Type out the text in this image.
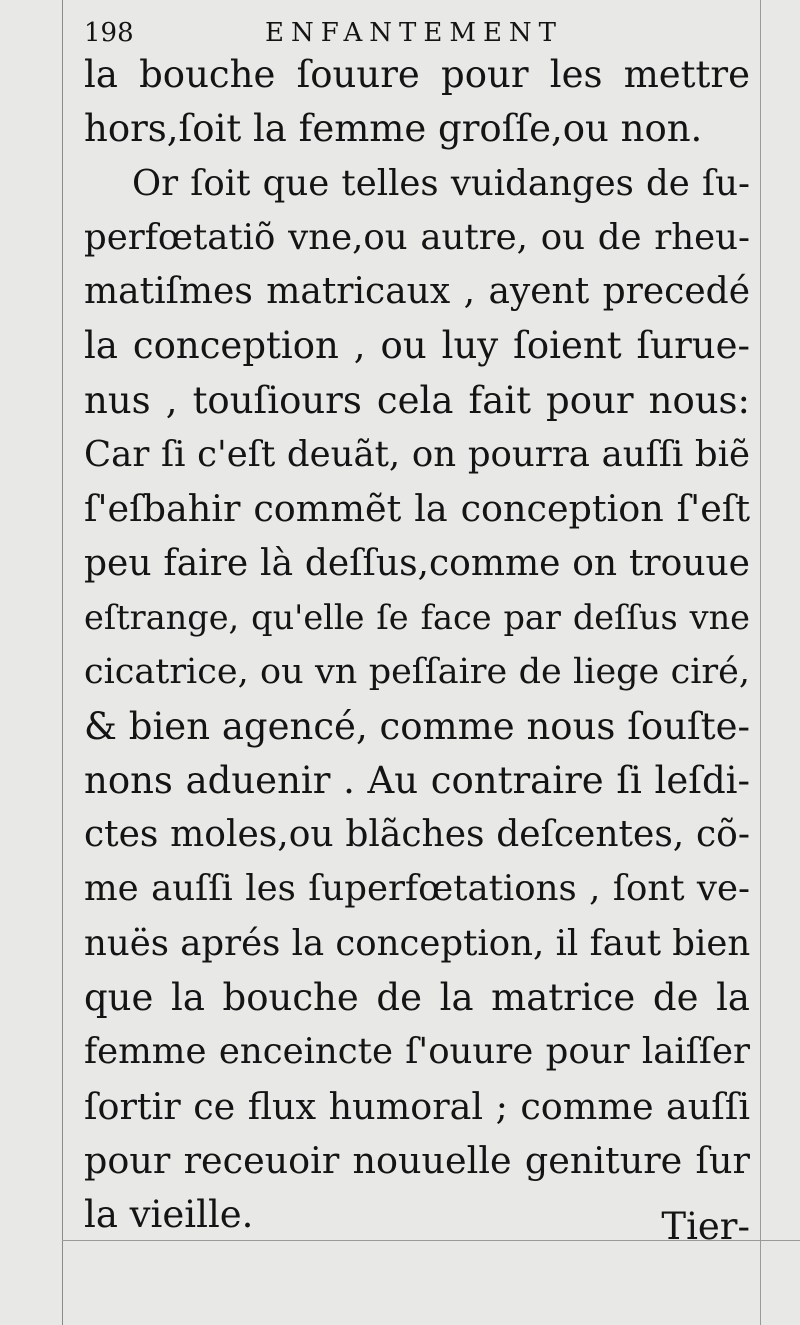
198	ENFANTEMENT
la bouche ſouure pour les mettre
hors,ſoit la femme groſſe,ou non.
Or ſoit que telles vuidanges de ſu-
perfœtatiõ vne,ou autre, ou de rheu-
matiſmes matricaux , ayent precedé
la conception , ou luy ſoient ſurue-
nus , touſiours cela fait pour nous:
Car ſi c'eſt deuãt, on pourra auſſi biẽ
ſ'eſbahir commẽt la conception ſ'eſt
peu faire là deſſus,comme on trouue
eſtrange, qu'elle ſe face par deſſus vne
cicatrice, ou vn peſſaire de liege ciré,
& bien agencé, comme nous ſouſte-
nons aduenir . Au contraire ſi leſdi-
ctes moles,ou blãches deſcentes, cõ-
me auſſi les ſuperfœtations , ſont ve-
nuës aprés la conception, il faut bien
que la bouche de la matrice de la
femme enceincte ſ'ouure pour laiſſer
ſortir ce flux humoral ; comme auſſi
pour receuoir nouuelle geniture ſur
la vieille.	Tier-
